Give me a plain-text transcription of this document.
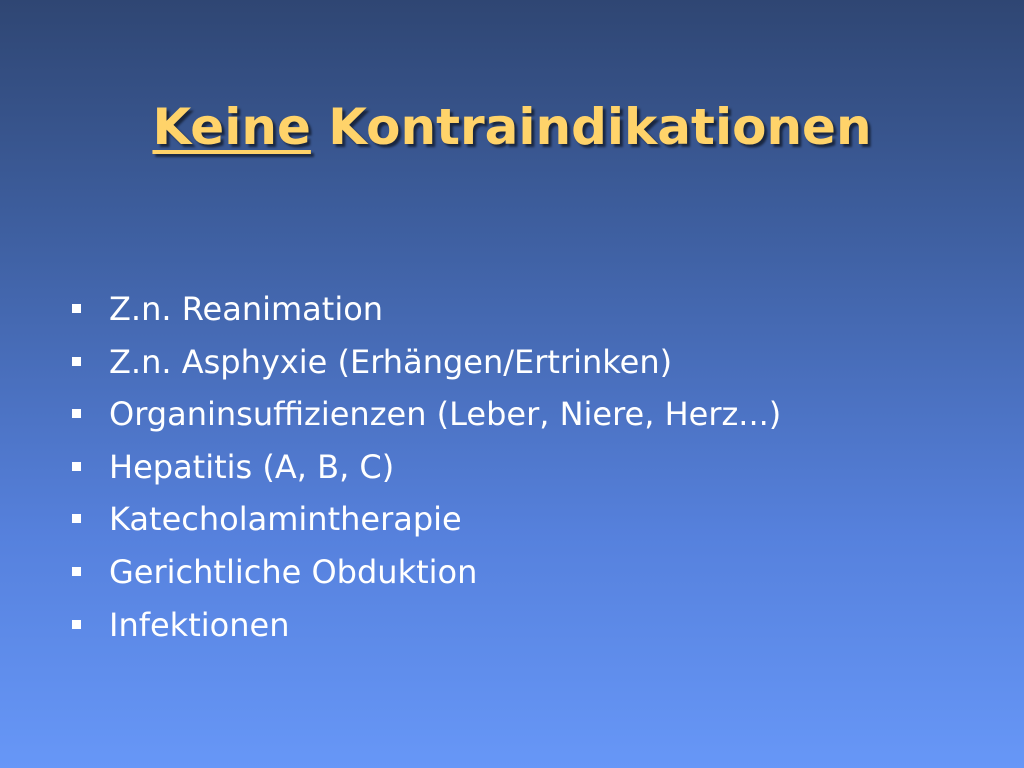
Keine Kontraindikationen
Z.n. Reanimation
Z.n. Asphyxie (Erhängen/Ertrinken)
Organinsuffizienzen (Leber, Niere, Herz...)
Hepatitis (A, B, C)
Katecholamintherapie
Gerichtliche Obduktion
Infektionen
